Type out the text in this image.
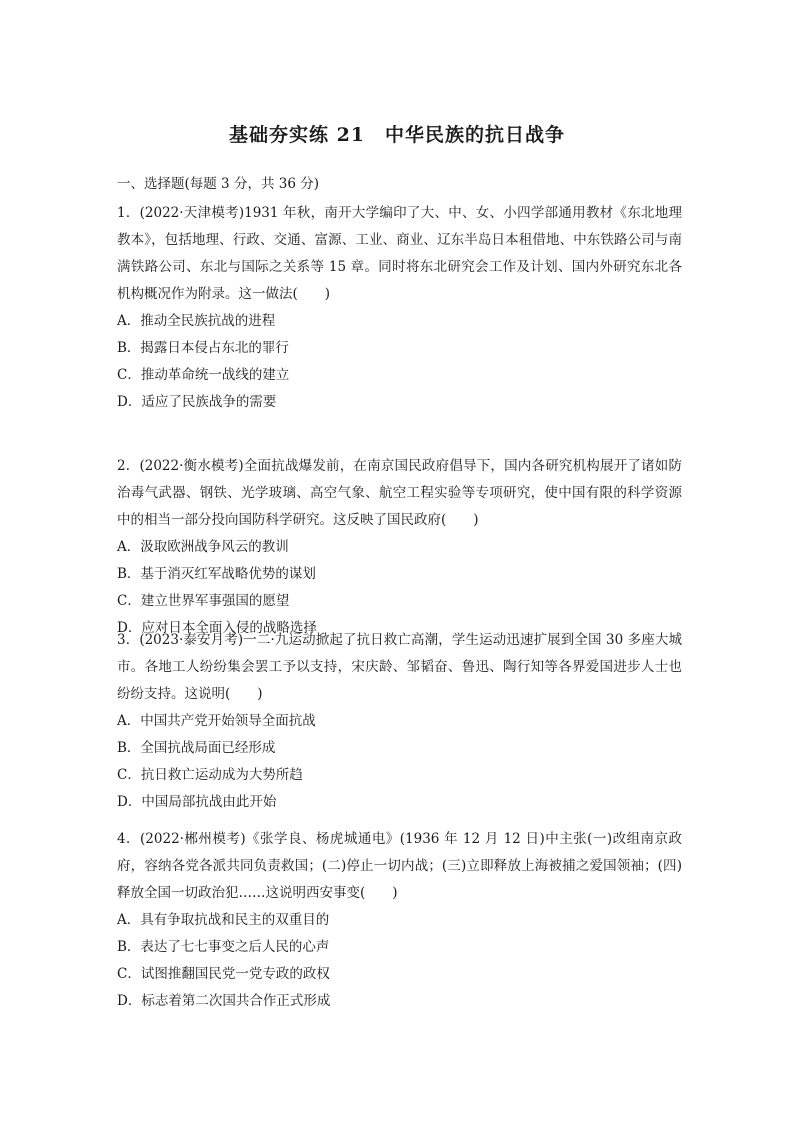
基础夯实练 21　中华民族的抗日战争
一、选择题(每题 3 分，共 36 分)

1．(2022·天津模考)1931 年秋，南开大学编印了大、中、女、小四学部通用教材《东北地理教本》，包括地理、行政、交通、富源、工业、商业、辽东半岛日本租借地、中东铁路公司与南满铁路公司、东北与国际之关系等 15 章。同时将东北研究会工作及计划、国内外研究东北各机构概况作为附录。这一做法(　　)

A．推动全民族抗战的进程

B．揭露日本侵占东北的罪行

C．推动革命统一战线的建立

D．适应了民族战争的需要

2．(2022·衡水模考)全面抗战爆发前，在南京国民政府倡导下，国内各研究机构展开了诸如防治毒气武器、钢铁、光学玻璃、高空气象、航空工程实验等专项研究，使中国有限的科学资源中的相当一部分投向国防科学研究。这反映了国民政府(　　)

A．汲取欧洲战争风云的教训

B．基于消灭红军战略优势的谋划

C．建立世界军事强国的愿望

D．应对日本全面入侵的战略选择

3．(2023·泰安月考)一二·九运动掀起了抗日救亡高潮，学生运动迅速扩展到全国 30 多座大城市。各地工人纷纷集会罢工予以支持，宋庆龄、邹韬奋、鲁迅、陶行知等各界爱国进步人士也纷纷支持。这说明(　　)

A．中国共产党开始领导全面抗战

B．全国抗战局面已经形成

C．抗日救亡运动成为大势所趋

D．中国局部抗战由此开始

4．(2022·郴州模考)《张学良、杨虎城通电》(1936 年 12 月 12 日)中主张(一)改组南京政府，容纳各党各派共同负责救国；(二)停止一切内战；(三)立即释放上海被捕之爱国领袖；(四)释放全国一切政治犯……这说明西安事变(　　)

A．具有争取抗战和民主的双重目的

B．表达了七七事变之后人民的心声

C．试图推翻国民党一党专政的政权

D．标志着第二次国共合作正式形成
